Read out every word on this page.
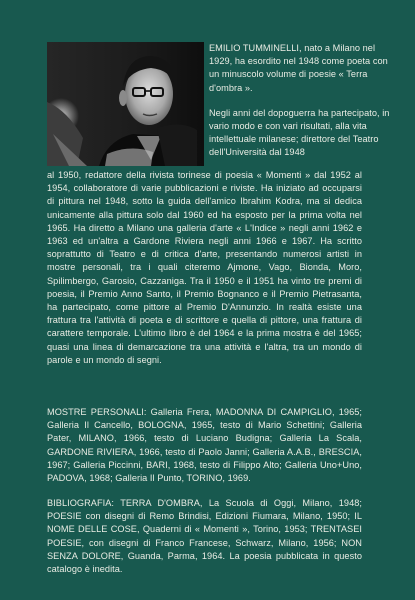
EMILIO TUMMINELLI, nato a Milano nel 1929, ha esordito nel 1948 come poeta con un minuscolo volume di poesie « Terra d'ombra ».

Negli anni del dopoguerra ha partecipato, in vario modo e con vari risultati, alla vita intellettuale milanese; direttore del Teatro dell'Università dal 1948

al 1950, redattore della rivista torinese di poesia « Momenti » dal 1952 al 1954, collaboratore di varie pubblicazioni e riviste. Ha iniziato ad occuparsi di pittura nel 1948, sotto la guida dell'amico Ibrahim Kodra, ma si dedica unicamente alla pittura solo dal 1960 ed ha esposto per la prima volta nel 1965. Ha diretto a Milano una galleria d'arte « L'Indice » negli anni 1962 e 1963 ed un'altra a Gardone Riviera negli anni 1966 e 1967. Ha scritto soprattutto di Teatro e di critica d'arte, presentando numerosi artisti in mostre personali, tra i quali citeremo Ajmone, Vago, Bionda, Moro, Spilimbergo, Garosio, Cazzaniga. Tra il 1950 e il 1951 ha vinto tre premi di poesia, il Premio Anno Santo, il Premio Bognanco e il Premio Pietrasanta, ha partecipato, come pittore al Premio D'Annunzio. In realtà esiste una frattura tra l'attività di poeta e di scrittore e quella di pittore, una frattura di carattere temporale. L'ultimo libro è del 1964 e la prima mostra è del 1965; quasi una linea di demarcazione tra una attività e l'altra, tra un mondo di parole e un mondo di segni.

MOSTRE PERSONALI: Galleria Frera, MADONNA DI CAMPIGLIO, 1965; Galleria Il Cancello, BOLOGNA, 1965, testo di Mario Schettini; Galleria Pater, MILANO, 1966, testo di Luciano Budigna; Galleria La Scala, GARDONE RIVIERA, 1966, testo di Paolo Janni; Galleria A.A.B., BRESCIA, 1967; Galleria Piccinni, BARI, 1968, testo di Filippo Alto; Galleria Uno+Uno, PADOVA, 1968; Galleria Il Punto, TORINO, 1969.

BIBLIOGRAFIA: TERRA D'OMBRA, La Scuola di Oggi, Milano, 1948; POESIE con disegni di Remo Brindisi, Edizioni Fiumara, Milano, 1950; IL NOME DELLE COSE, Quaderni di « Momenti », Torino, 1953; TRENTASEI POESIE, con disegni di Franco Francese, Schwarz, Milano, 1956; NON SENZA DOLORE, Guanda, Parma, 1964. La poesia pubblicata in questo catalogo è inedita.
